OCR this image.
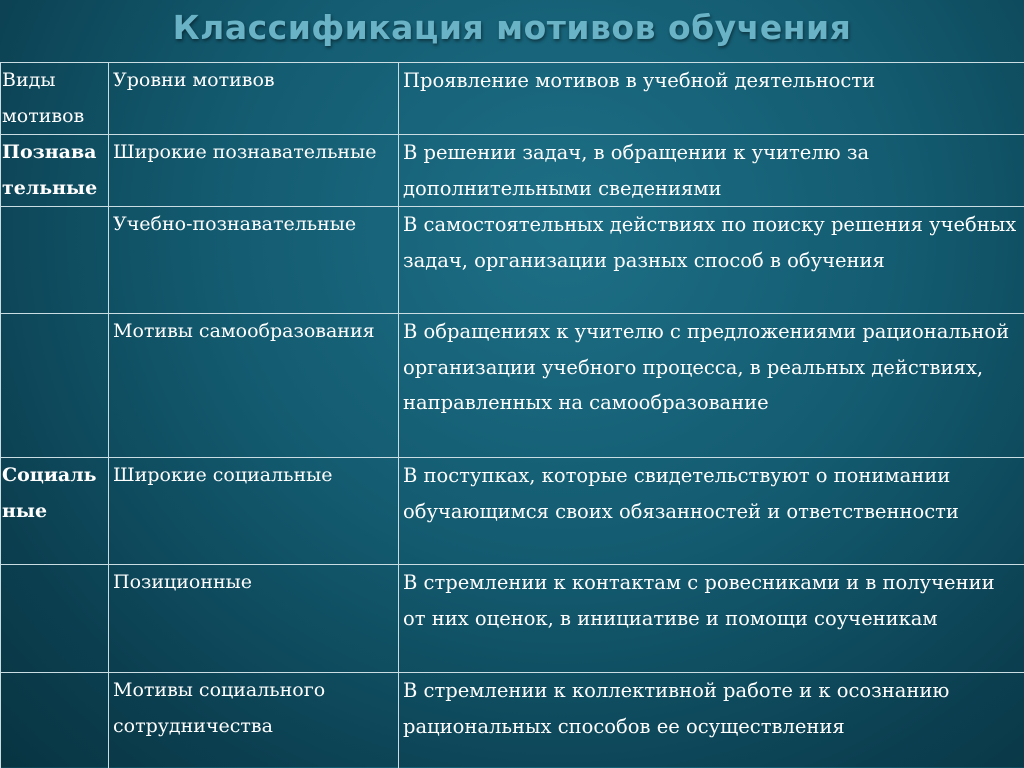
Классификация мотивов обучения
Виды мотивов	Уровни мотивов	Проявление мотивов в учебной деятельности
Познава тельные	Широкие познавательные	В решении задач, в обращении к учителю за дополнительными сведениями
	Учебно-познавательные	В самостоятельных действиях по поиску решения учебных задач, организации разных способ в обучения
	Мотивы самообразования	В обращениях к учителю с предложениями рациональной организации учебного процесса, в реальных действиях, направленных на самообразование
Социаль ные	Широкие социальные	В поступках, которые свидетельствуют о понимании обучающимся своих обязанностей и ответственности
	Позиционные	В стремлении к контактам с ровесниками и в получении от них оценок, в инициативе и помощи соученикам
	Мотивы социального сотрудничества	В стремлении к коллективной работе и к осознанию рациональных способов ее осуществления
